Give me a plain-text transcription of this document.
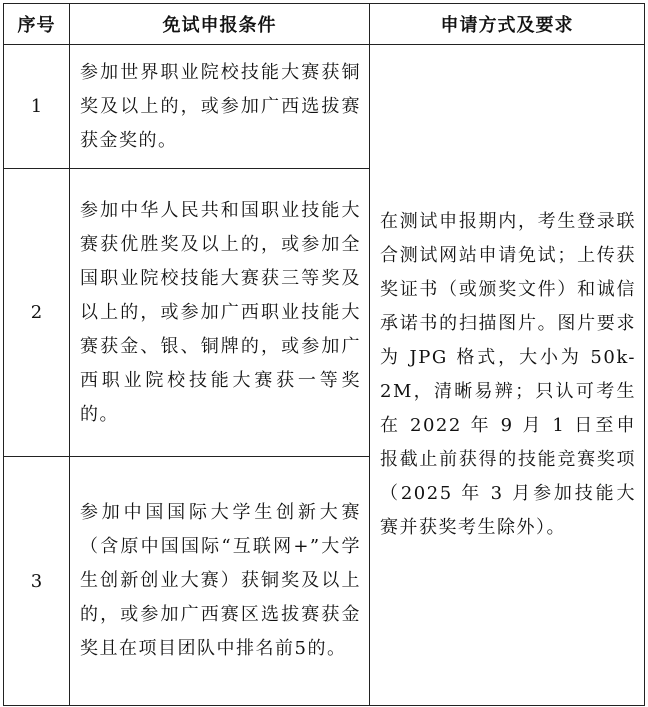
序号	免试申报条件	申请方式及要求
1	参加世界职业院校技能大赛获铜奖及以上的，或参加广西选拔赛获金奖的。	在测试申报期内，考生登录联合测试网站申请免试；上传获奖证书（或颁奖文件）和诚信承诺书的扫描图片。图片要求为 JPG 格式，大小为 50k-2M，清晰易辨；只认可考生在 2022 年 9 月 1 日至申报截止前获得的技能竞赛奖项（2025 年 3 月参加技能大赛并获奖考生除外）。
2	参加中华人民共和国职业技能大赛获优胜奖及以上的，或参加全国职业院校技能大赛获三等奖及以上的，或参加广西职业技能大赛获金、银、铜牌的，或参加广西职业院校技能大赛获一等奖的。	
3	参加中国国际大学生创新大赛（含原中国国际“互联网+”大学生创新创业大赛）获铜奖及以上的，或参加广西赛区选拔赛获金奖且在项目团队中排名前5的。	
